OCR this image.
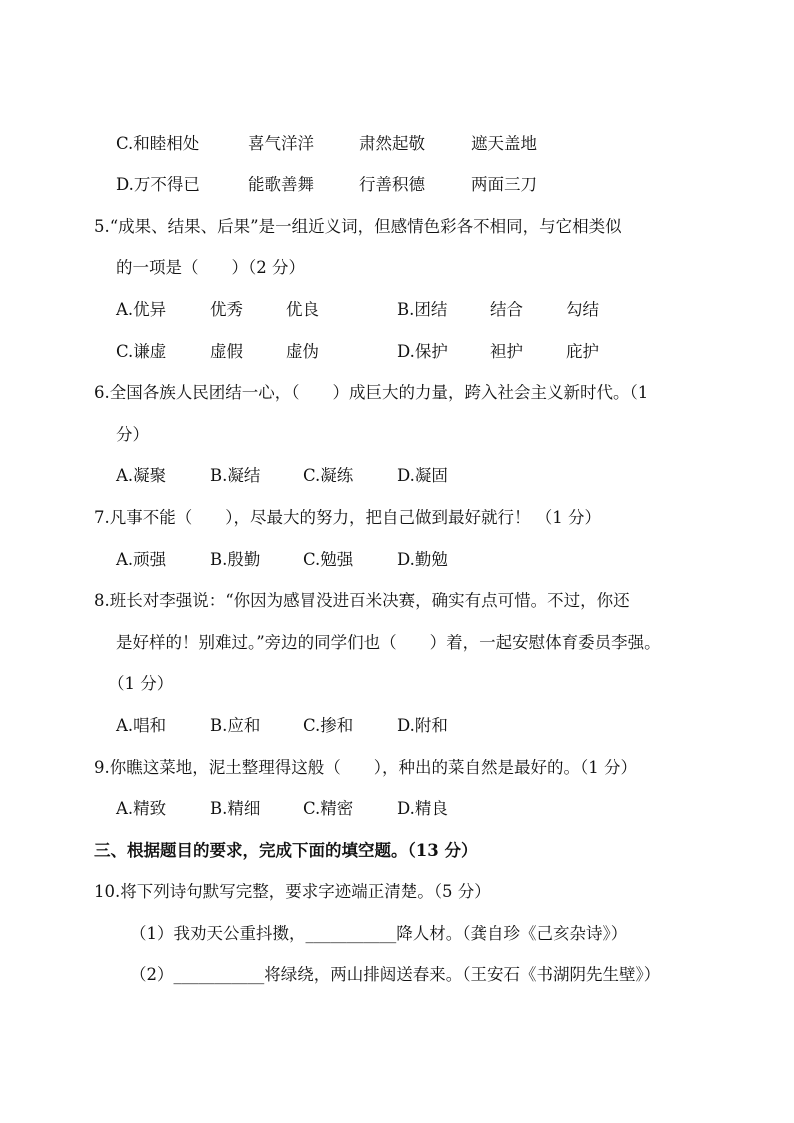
C.和睦相处	喜气洋洋	肃然起敬	遮天盖地
D.万不得已	能歌善舞	行善积德	两面三刀
5.“成果、结果、后果”是一组近义词，但感情色彩各不相同，与它相类似
的一项是（　　）（2 分）
A.优异	优秀	优良	B.团结	结合	勾结
C.谦虚	虚假	虚伪	D.保护	袒护	庇护
6.全国各族人民团结一心，（　　）成巨大的力量，跨入社会主义新时代。（1
分）
A.凝聚	B.凝结	C.凝练	D.凝固
7.凡事不能（　　），尽最大的努力，把自己做到最好就行！ （1 分）
A.顽强	B.殷勤	C.勉强	D.勤勉
8.班长对李强说：“你因为感冒没进百米决赛，确实有点可惜。不过，你还
是好样的！别难过。”旁边的同学们也（　　）着，一起安慰体育委员李强。
（1 分）
A.唱和	B.应和	C.掺和	D.附和
9.你瞧这菜地，泥土整理得这般（　　），种出的菜自然是最好的。（1 分）
A.精致	B.精细	C.精密	D.精良
三、根据题目的要求，完成下面的填空题。（13 分）
10.将下列诗句默写完整，要求字迹端正清楚。（5 分）
（1）我劝天公重抖擞，___________降人材。（龚自珍《己亥杂诗》）
（2）___________将绿绕，两山排闼送春来。（王安石《书湖阴先生壁》）
